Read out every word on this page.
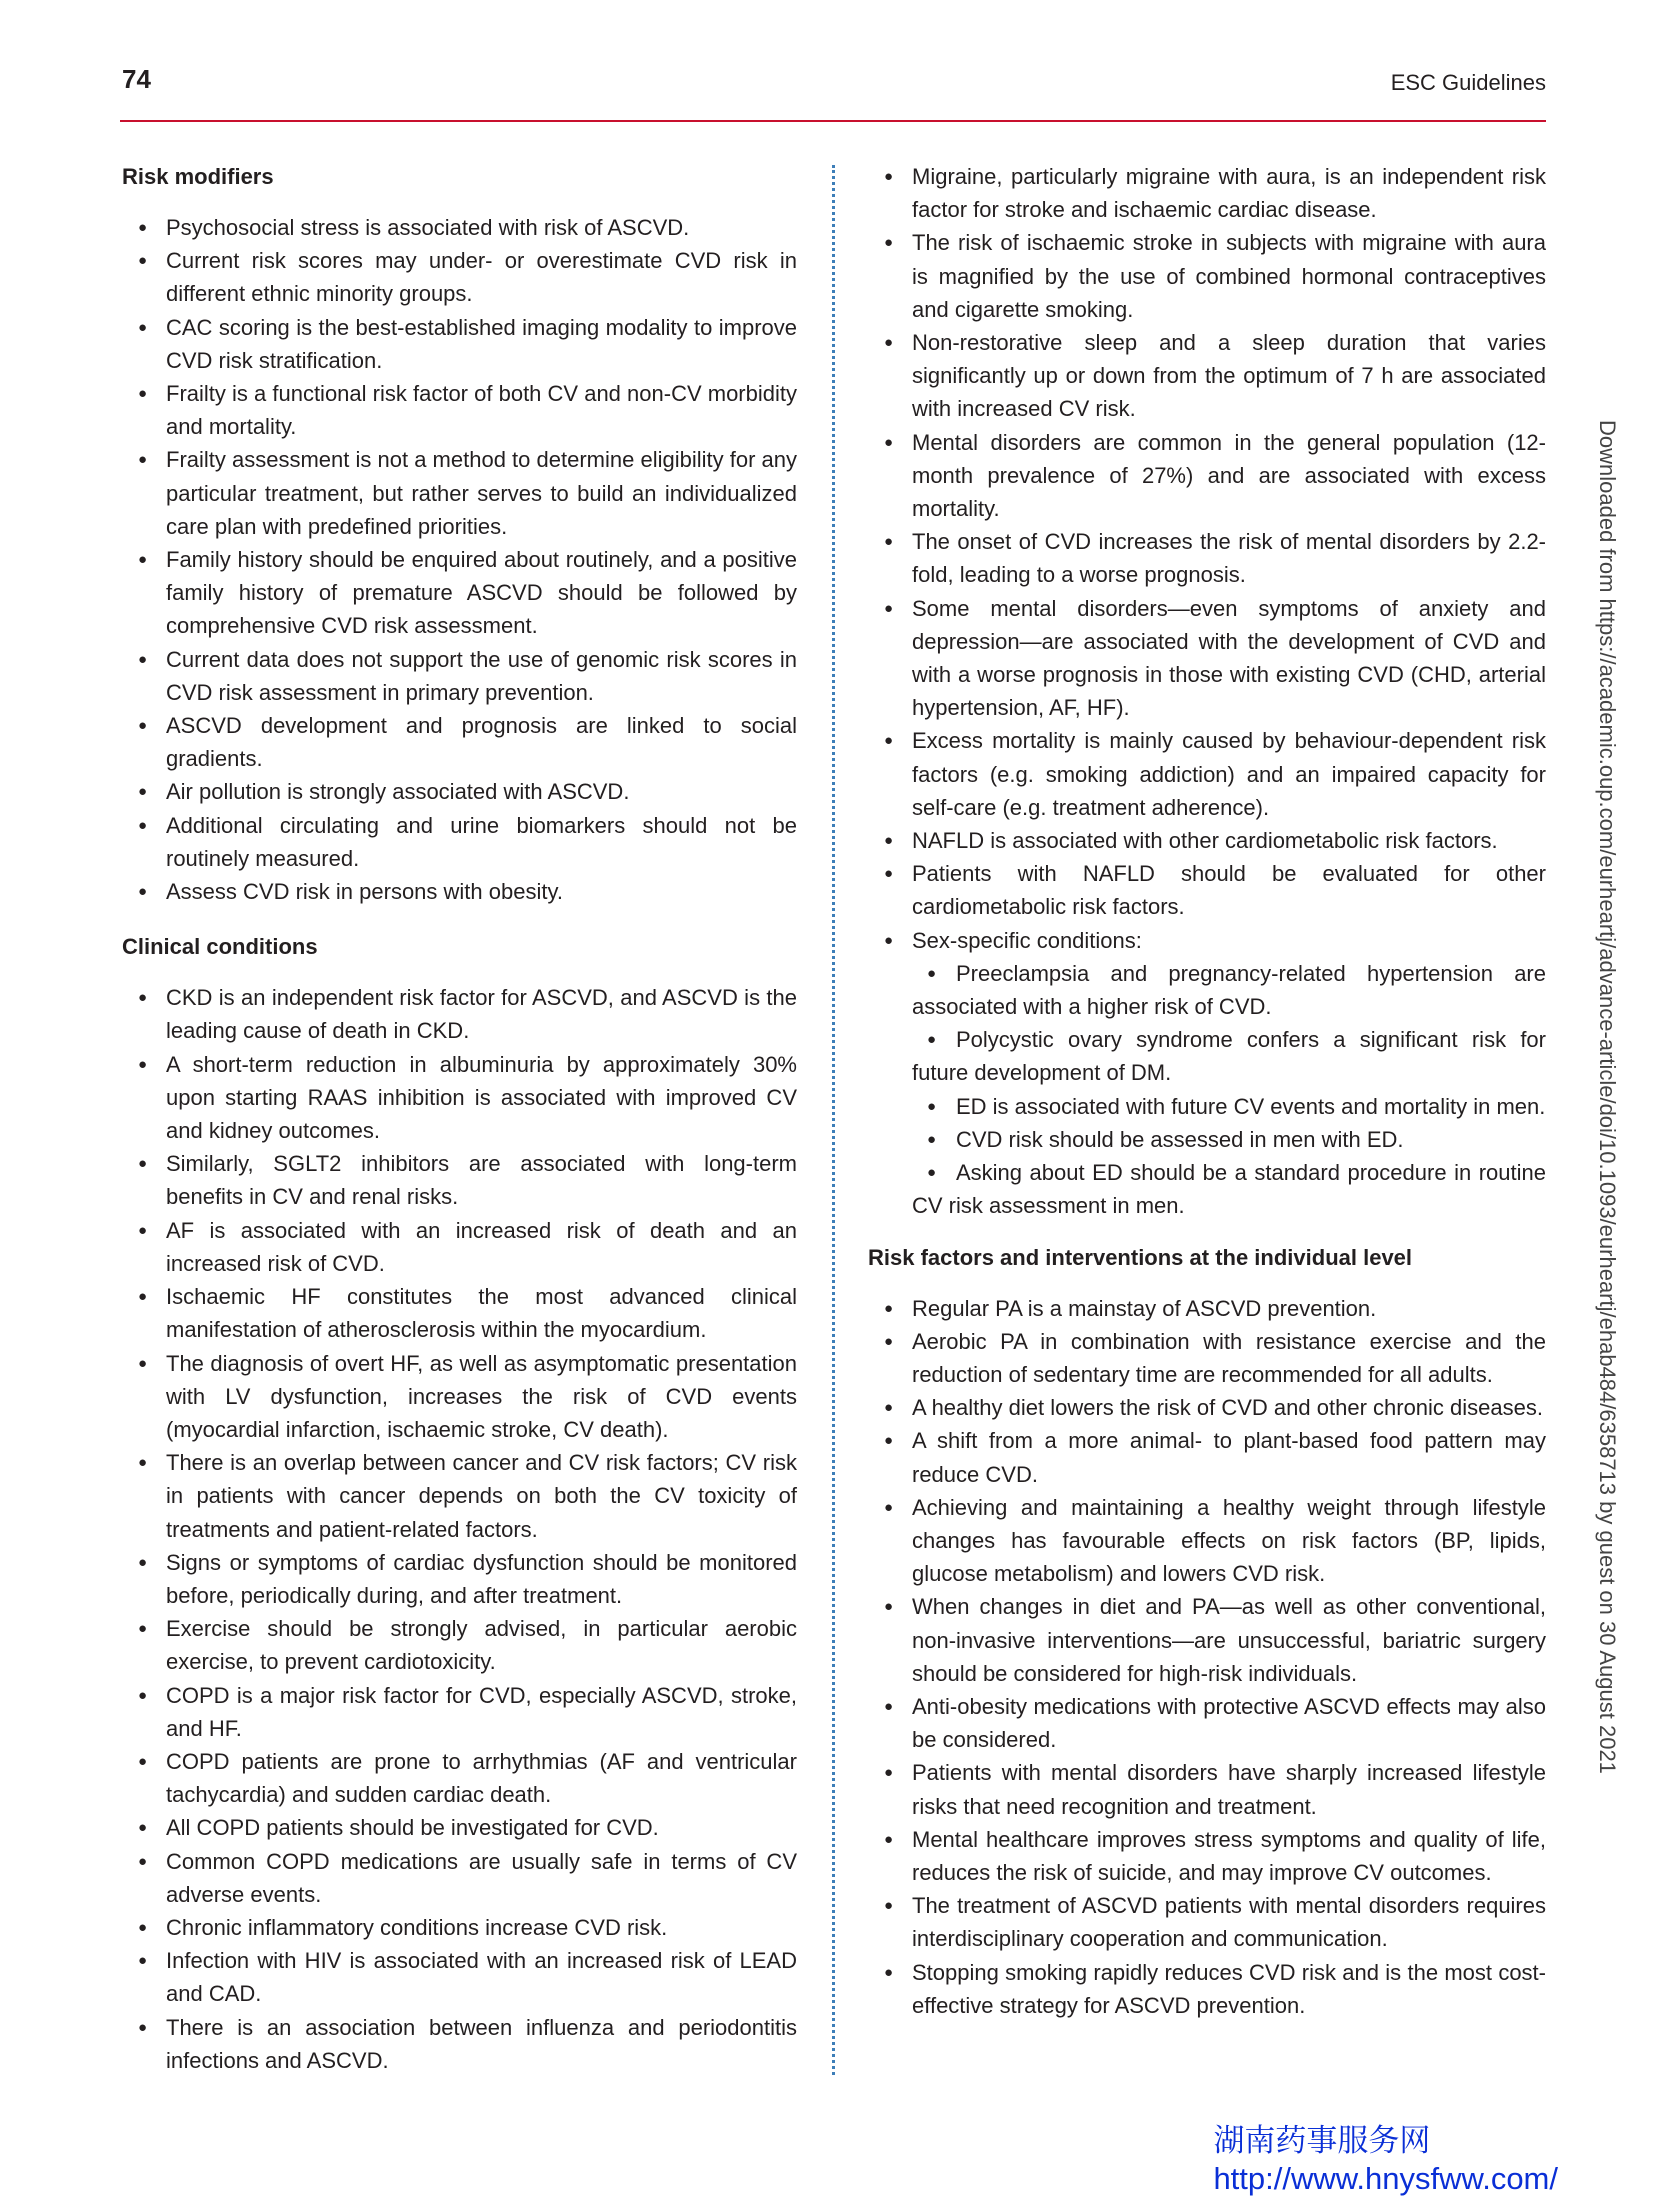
74	ESC Guidelines
Risk modifiers
● Psychosocial stress is associated with risk of ASCVD.
● Current risk scores may under- or overestimate CVD risk in different ethnic minority groups.
● CAC scoring is the best-established imaging modality to improve CVD risk stratification.
● Frailty is a functional risk factor of both CV and non-CV morbidity and mortality.
● Frailty assessment is not a method to determine eligibility for any particular treatment, but rather serves to build an individualized care plan with predefined priorities.
● Family history should be enquired about routinely, and a positive family history of premature ASCVD should be followed by comprehensive CVD risk assessment.
● Current data does not support the use of genomic risk scores in CVD risk assessment in primary prevention.
● ASCVD development and prognosis are linked to social gradients.
● Air pollution is strongly associated with ASCVD.
● Additional circulating and urine biomarkers should not be routinely measured.
● Assess CVD risk in persons with obesity.
Clinical conditions
● CKD is an independent risk factor for ASCVD, and ASCVD is the leading cause of death in CKD.
● A short-term reduction in albuminuria by approximately 30% upon starting RAAS inhibition is associated with improved CV and kidney outcomes.
● Similarly, SGLT2 inhibitors are associated with long-term benefits in CV and renal risks.
● AF is associated with an increased risk of death and an increased risk of CVD.
● Ischaemic HF constitutes the most advanced clinical manifestation of atherosclerosis within the myocardium.
● The diagnosis of overt HF, as well as asymptomatic presentation with LV dysfunction, increases the risk of CVD events (myocardial infarction, ischaemic stroke, CV death).
● There is an overlap between cancer and CV risk factors; CV risk in patients with cancer depends on both the CV toxicity of treatments and patient-related factors.
● Signs or symptoms of cardiac dysfunction should be monitored before, periodically during, and after treatment.
● Exercise should be strongly advised, in particular aerobic exercise, to prevent cardiotoxicity.
● COPD is a major risk factor for CVD, especially ASCVD, stroke, and HF.
● COPD patients are prone to arrhythmias (AF and ventricular tachycardia) and sudden cardiac death.
● All COPD patients should be investigated for CVD.
● Common COPD medications are usually safe in terms of CV adverse events.
● Chronic inflammatory conditions increase CVD risk.
● Infection with HIV is associated with an increased risk of LEAD and CAD.
● There is an association between influenza and periodontitis infections and ASCVD.
● Migraine, particularly migraine with aura, is an independent risk factor for stroke and ischaemic cardiac disease.
● The risk of ischaemic stroke in subjects with migraine with aura is magnified by the use of combined hormonal contraceptives and cigarette smoking.
● Non-restorative sleep and a sleep duration that varies significantly up or down from the optimum of 7 h are associated with increased CV risk.
● Mental disorders are common in the general population (12-month prevalence of 27%) and are associated with excess mortality.
● The onset of CVD increases the risk of mental disorders by 2.2-fold, leading to a worse prognosis.
● Some mental disorders—even symptoms of anxiety and depression—are associated with the development of CVD and with a worse prognosis in those with existing CVD (CHD, arterial hypertension, AF, HF).
● Excess mortality is mainly caused by behaviour-dependent risk factors (e.g. smoking addiction) and an impaired capacity for self-care (e.g. treatment adherence).
● NAFLD is associated with other cardiometabolic risk factors.
● Patients with NAFLD should be evaluated for other cardiometabolic risk factors.
● Sex-specific conditions:
● Preeclampsia and pregnancy-related hypertension are associated with a higher risk of CVD.
● Polycystic ovary syndrome confers a significant risk for future development of DM.
● ED is associated with future CV events and mortality in men.
● CVD risk should be assessed in men with ED.
● Asking about ED should be a standard procedure in routine CV risk assessment in men.
Risk factors and interventions at the individual level
● Regular PA is a mainstay of ASCVD prevention.
● Aerobic PA in combination with resistance exercise and the reduction of sedentary time are recommended for all adults.
● A healthy diet lowers the risk of CVD and other chronic diseases.
● A shift from a more animal- to plant-based food pattern may reduce CVD.
● Achieving and maintaining a healthy weight through lifestyle changes has favourable effects on risk factors (BP, lipids, glucose metabolism) and lowers CVD risk.
● When changes in diet and PA—as well as other conventional, non-invasive interventions—are unsuccessful, bariatric surgery should be considered for high-risk individuals.
● Anti-obesity medications with protective ASCVD effects may also be considered.
● Patients with mental disorders have sharply increased lifestyle risks that need recognition and treatment.
● Mental healthcare improves stress symptoms and quality of life, reduces the risk of suicide, and may improve CV outcomes.
● The treatment of ASCVD patients with mental disorders requires interdisciplinary cooperation and communication.
● Stopping smoking rapidly reduces CVD risk and is the most cost-effective strategy for ASCVD prevention.
Downloaded from https://academic.oup.com/eurheartj/advance-article/doi/10.1093/eurheartj/ehab484/6358713 by guest on 30 August 2021
湖南药事服务网
http://www.hnysfww.com/
